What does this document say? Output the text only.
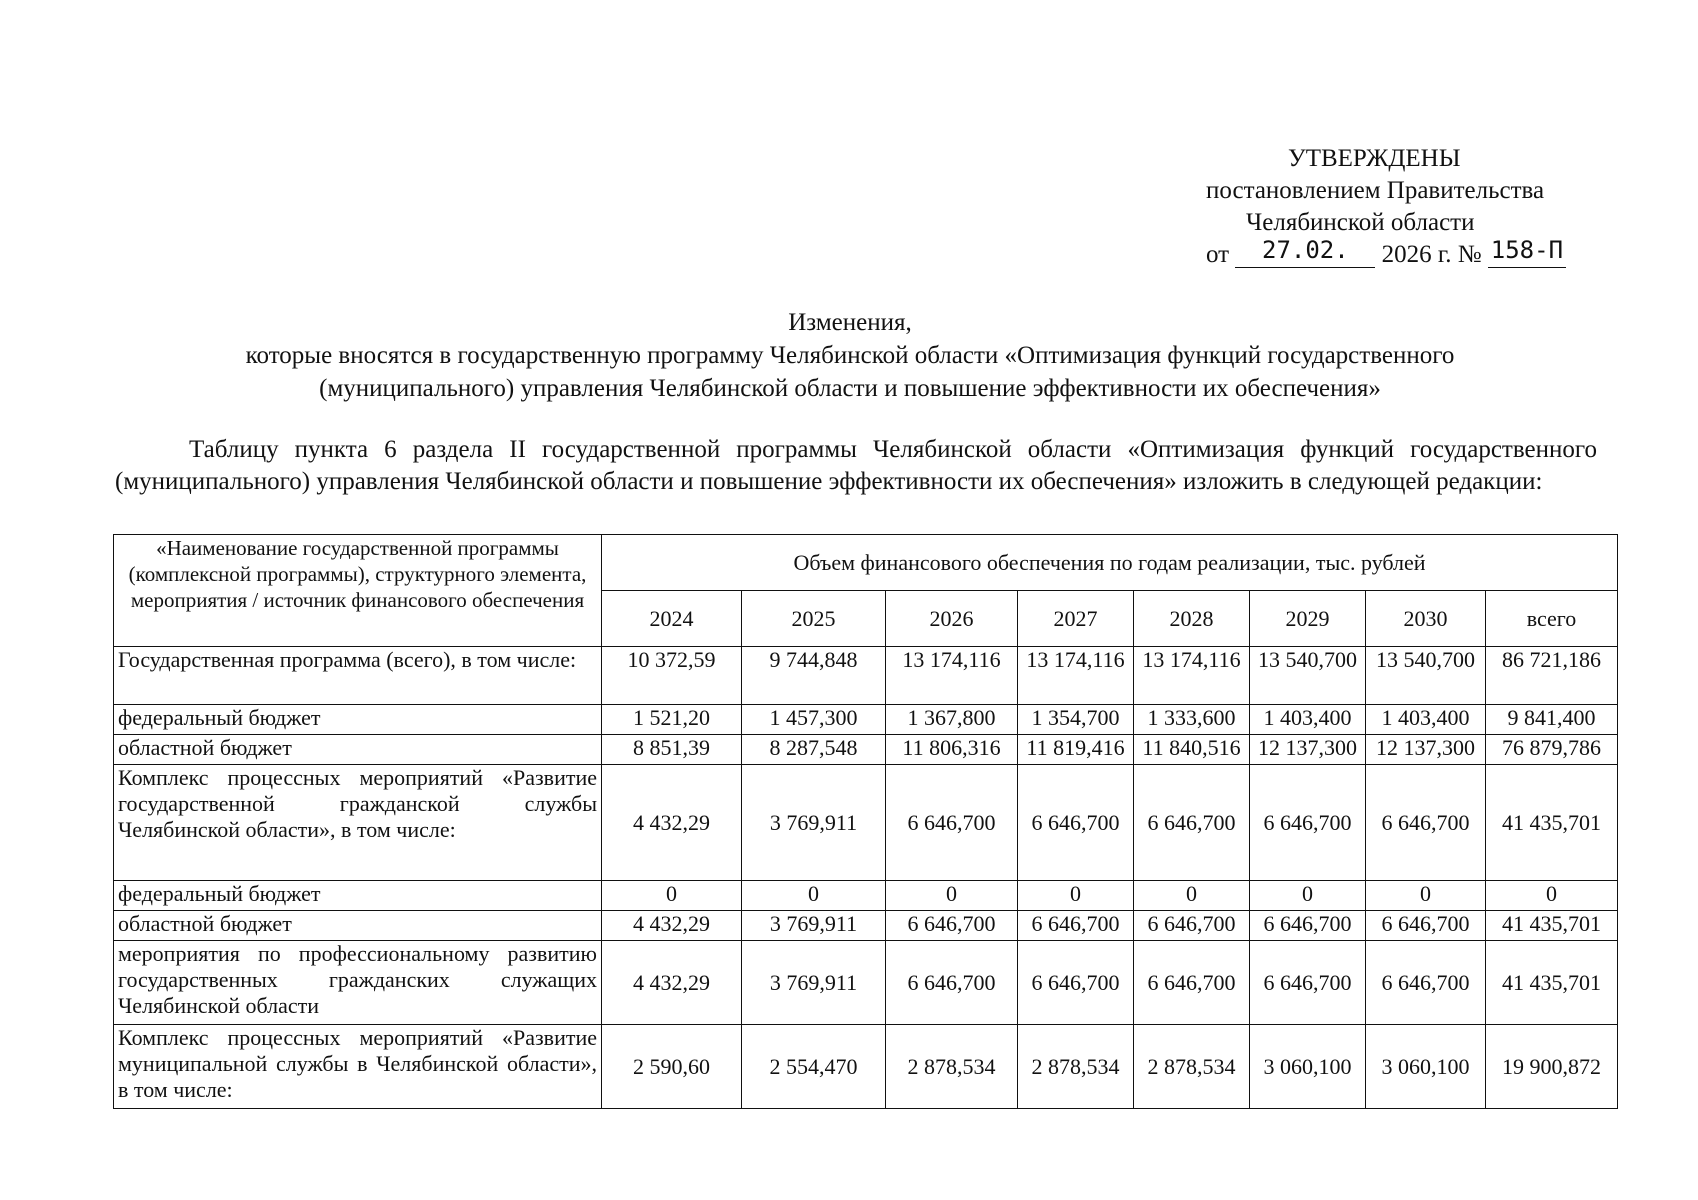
УТВЕРЖДЕНЫ
постановлением Правительства
Челябинской области
от 27.02. 2026 г. № 158-П
Изменения,
которые вносятся в государственную программу Челябинской области «Оптимизация функций государственного
(муниципального) управления Челябинской области и повышение эффективности их обеспечения»
Таблицу пункта 6 раздела II государственной программы Челябинской области «Оптимизация функций государственного (муниципального) управления Челябинской области и повышение эффективности их обеспечения» изложить в следующей редакции:
«Наименование государственной программы (комплексной программы), структурного элемента, мероприятия / источник финансового обеспечения	Объем финансового обеспечения по годам реализации, тыс. рублей							
	2024	2025	2026	2027	2028	2029	2030	всего
Государственная программа (всего), в том числе:	10 372,59	9 744,848	13 174,116	13 174,116	13 174,116	13 540,700	13 540,700	86 721,186
федеральный бюджет	1 521,20	1 457,300	1 367,800	1 354,700	1 333,600	1 403,400	1 403,400	9 841,400
областной бюджет	8 851,39	8 287,548	11 806,316	11 819,416	11 840,516	12 137,300	12 137,300	76 879,786
Комплекс процессных мероприятий «Развитие государственной гражданской службы Челябинской области», в том числе:	4 432,29	3 769,911	6 646,700	6 646,700	6 646,700	6 646,700	6 646,700	41 435,701
федеральный бюджет	0	0	0	0	0	0	0	0
областной бюджет	4 432,29	3 769,911	6 646,700	6 646,700	6 646,700	6 646,700	6 646,700	41 435,701
мероприятия по профессиональному развитию государственных гражданских служащих Челябинской области	4 432,29	3 769,911	6 646,700	6 646,700	6 646,700	6 646,700	6 646,700	41 435,701
Комплекс процессных мероприятий «Развитие муниципальной службы в Челябинской области», в том числе:	2 590,60	2 554,470	2 878,534	2 878,534	2 878,534	3 060,100	3 060,100	19 900,872
